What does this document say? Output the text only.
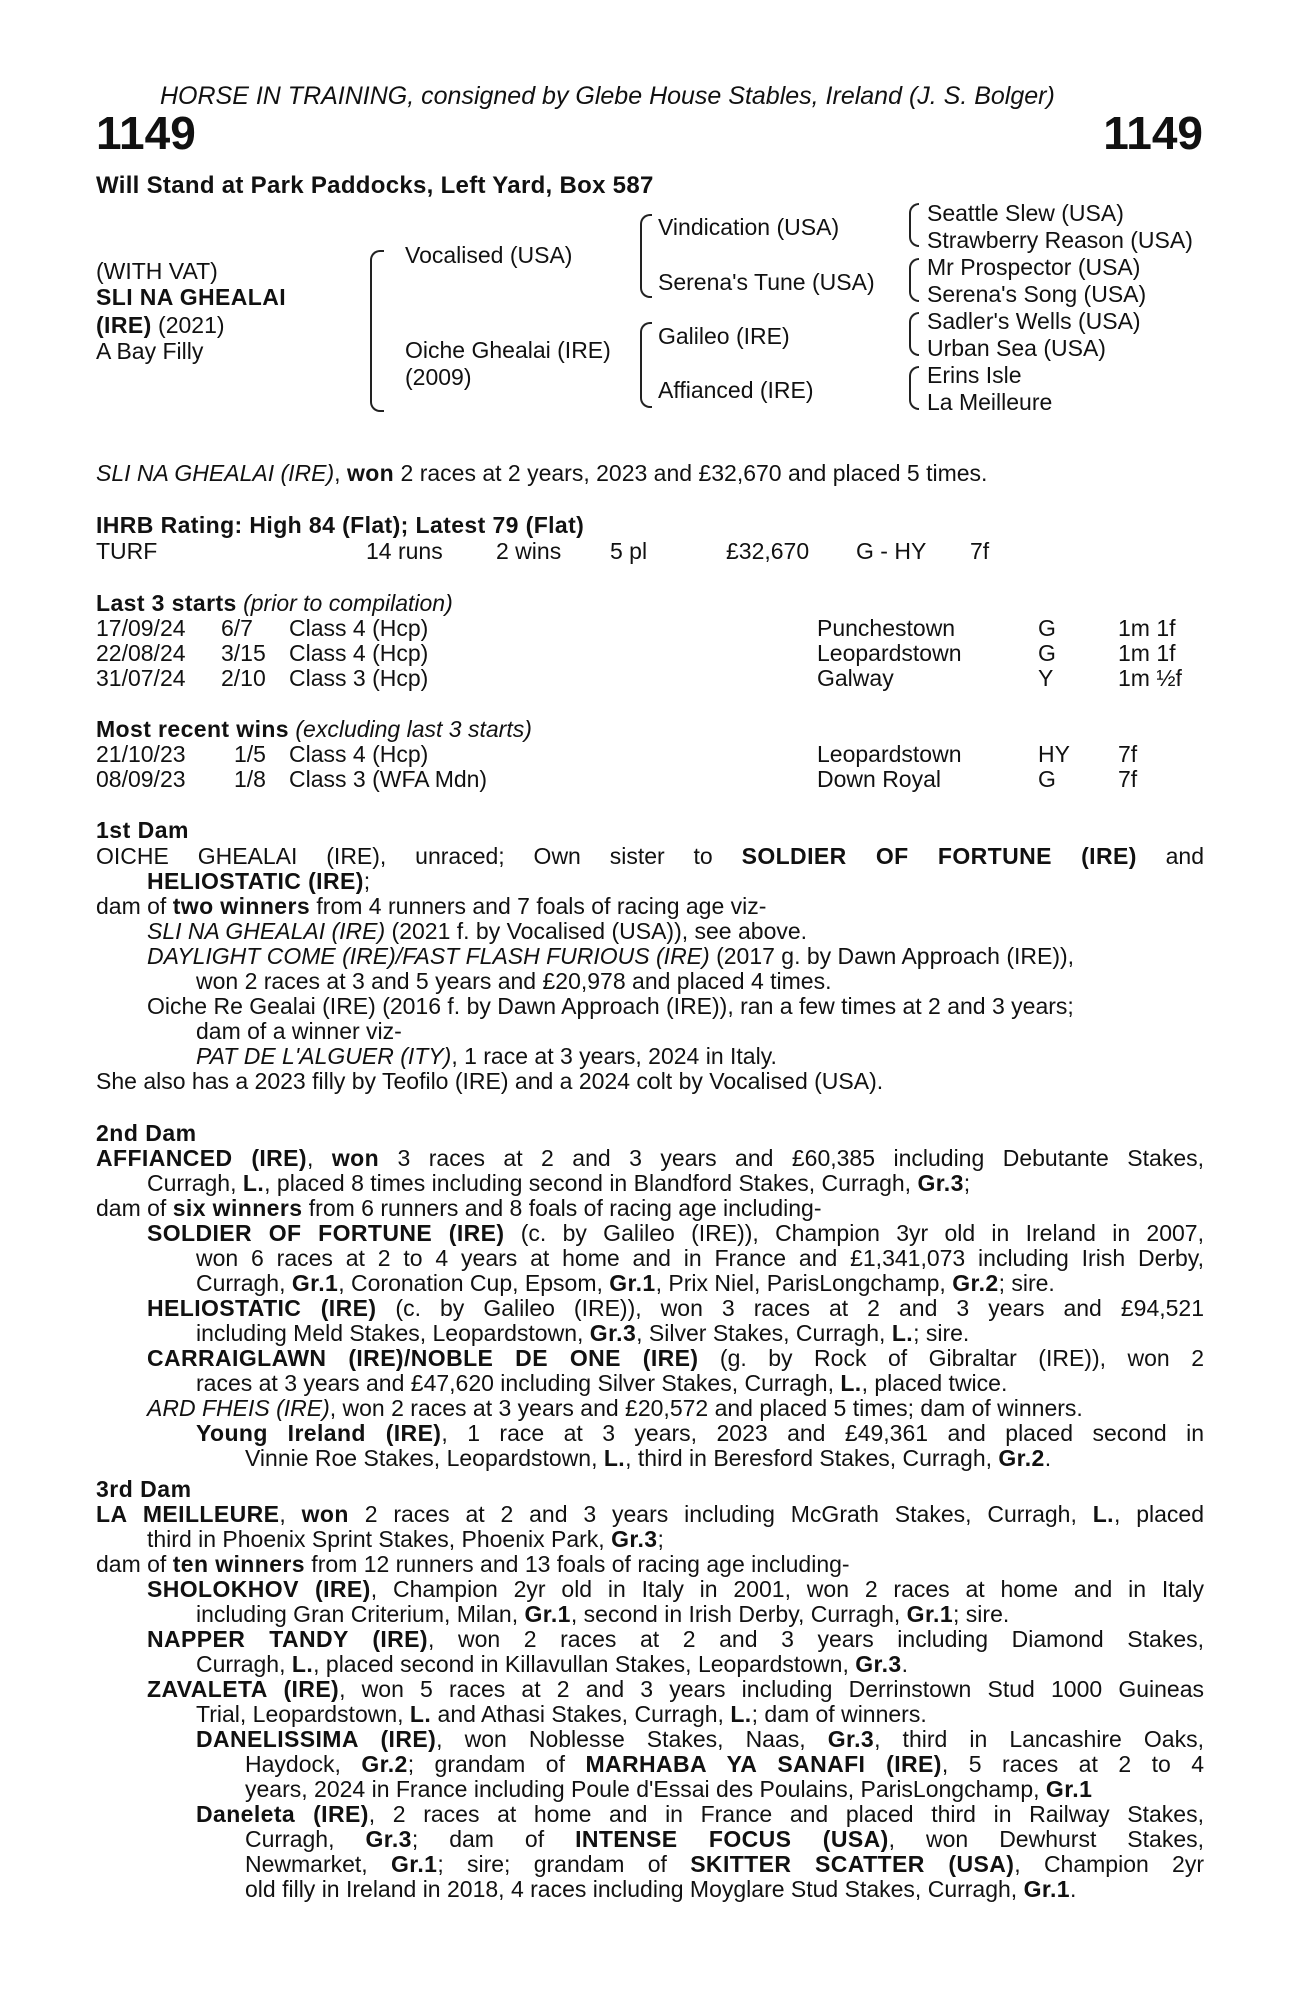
HORSE IN TRAINING, consigned by Glebe House Stables, Ireland (J. S. Bolger)
1149	1149
Will Stand at Park Paddocks, Left Yard, Box 587
(WITH VAT)
SLI NA GHEALAI
(IRE) (2021)
A Bay Filly
Vocalised (USA)
Oiche Ghealai (IRE)
(2009)
Vindication (USA)
Serena's Tune (USA)
Galileo (IRE)
Affianced (IRE)
Seattle Slew (USA)
Strawberry Reason (USA)
Mr Prospector (USA)
Serena's Song (USA)
Sadler's Wells (USA)
Urban Sea (USA)
Erins Isle
La Meilleure
SLI NA GHEALAI (IRE), won 2 races at 2 years, 2023 and £32,670 and placed 5 times.
IHRB Rating: High 84 (Flat); Latest 79 (Flat)
TURF	14 runs 2 wins 5 pl	£32,670 G - HY 7f
Last 3 starts (prior to compilation)
17/09/24 6/7 Class 4 (Hcp)	Punchestown	G	1m 1f
22/08/24 3/15 Class 4 (Hcp)	Leopardstown	G	1m 1f
31/07/24 2/10 Class 3 (Hcp)	Galway	Y	1m ½f
Most recent wins (excluding last 3 starts)
21/10/23 1/5 Class 4 (Hcp)	Leopardstown	HY 7f
08/09/23 1/8 Class 3 (WFA Mdn)	Down Royal	G	7f
1st Dam
OICHE GHEALAI (IRE), unraced; Own sister to SOLDIER OF FORTUNE (IRE) and
HELIOSTATIC (IRE);
dam of two winners from 4 runners and 7 foals of racing age viz-
SLI NA GHEALAI (IRE) (2021 f. by Vocalised (USA)), see above.
DAYLIGHT COME (IRE)/FAST FLASH FURIOUS (IRE) (2017 g. by Dawn Approach (IRE)),
won 2 races at 3 and 5 years and £20,978 and placed 4 times.
Oiche Re Gealai (IRE) (2016 f. by Dawn Approach (IRE)), ran a few times at 2 and 3 years;
dam of a winner viz-
PAT DE L'ALGUER (ITY), 1 race at 3 years, 2024 in Italy.
She also has a 2023 filly by Teofilo (IRE) and a 2024 colt by Vocalised (USA).
2nd Dam
AFFIANCED (IRE), won 3 races at 2 and 3 years and £60,385 including Debutante Stakes,
Curragh, L., placed 8 times including second in Blandford Stakes, Curragh, Gr.3;
dam of six winners from 6 runners and 8 foals of racing age including-
SOLDIER OF FORTUNE (IRE) (c. by Galileo (IRE)), Champion 3yr old in Ireland in 2007,
won 6 races at 2 to 4 years at home and in France and £1,341,073 including Irish Derby,
Curragh, Gr.1, Coronation Cup, Epsom, Gr.1, Prix Niel, ParisLongchamp, Gr.2; sire.
HELIOSTATIC (IRE) (c. by Galileo (IRE)), won 3 races at 2 and 3 years and £94,521
including Meld Stakes, Leopardstown, Gr.3, Silver Stakes, Curragh, L.; sire.
CARRAIGLAWN (IRE)/NOBLE DE ONE (IRE) (g. by Rock of Gibraltar (IRE)), won 2
races at 3 years and £47,620 including Silver Stakes, Curragh, L., placed twice.
ARD FHEIS (IRE), won 2 races at 3 years and £20,572 and placed 5 times; dam of winners.
Young Ireland (IRE), 1 race at 3 years, 2023 and £49,361 and placed second in
Vinnie Roe Stakes, Leopardstown, L., third in Beresford Stakes, Curragh, Gr.2.
3rd Dam
LA MEILLEURE, won 2 races at 2 and 3 years including McGrath Stakes, Curragh, L., placed
third in Phoenix Sprint Stakes, Phoenix Park, Gr.3;
dam of ten winners from 12 runners and 13 foals of racing age including-
SHOLOKHOV (IRE), Champion 2yr old in Italy in 2001, won 2 races at home and in Italy
including Gran Criterium, Milan, Gr.1, second in Irish Derby, Curragh, Gr.1; sire.
NAPPER TANDY (IRE), won 2 races at 2 and 3 years including Diamond Stakes,
Curragh, L., placed second in Killavullan Stakes, Leopardstown, Gr.3.
ZAVALETA (IRE), won 5 races at 2 and 3 years including Derrinstown Stud 1000 Guineas
Trial, Leopardstown, L. and Athasi Stakes, Curragh, L.; dam of winners.
DANELISSIMA (IRE), won Noblesse Stakes, Naas, Gr.3, third in Lancashire Oaks,
Haydock, Gr.2; grandam of MARHABA YA SANAFI (IRE), 5 races at 2 to 4
years, 2024 in France including Poule d'Essai des Poulains, ParisLongchamp, Gr.1
Daneleta (IRE), 2 races at home and in France and placed third in Railway Stakes,
Curragh, Gr.3; dam of INTENSE FOCUS (USA), won Dewhurst Stakes,
Newmarket, Gr.1; sire; grandam of SKITTER SCATTER (USA), Champion 2yr
old filly in Ireland in 2018, 4 races including Moyglare Stud Stakes, Curragh, Gr.1.
